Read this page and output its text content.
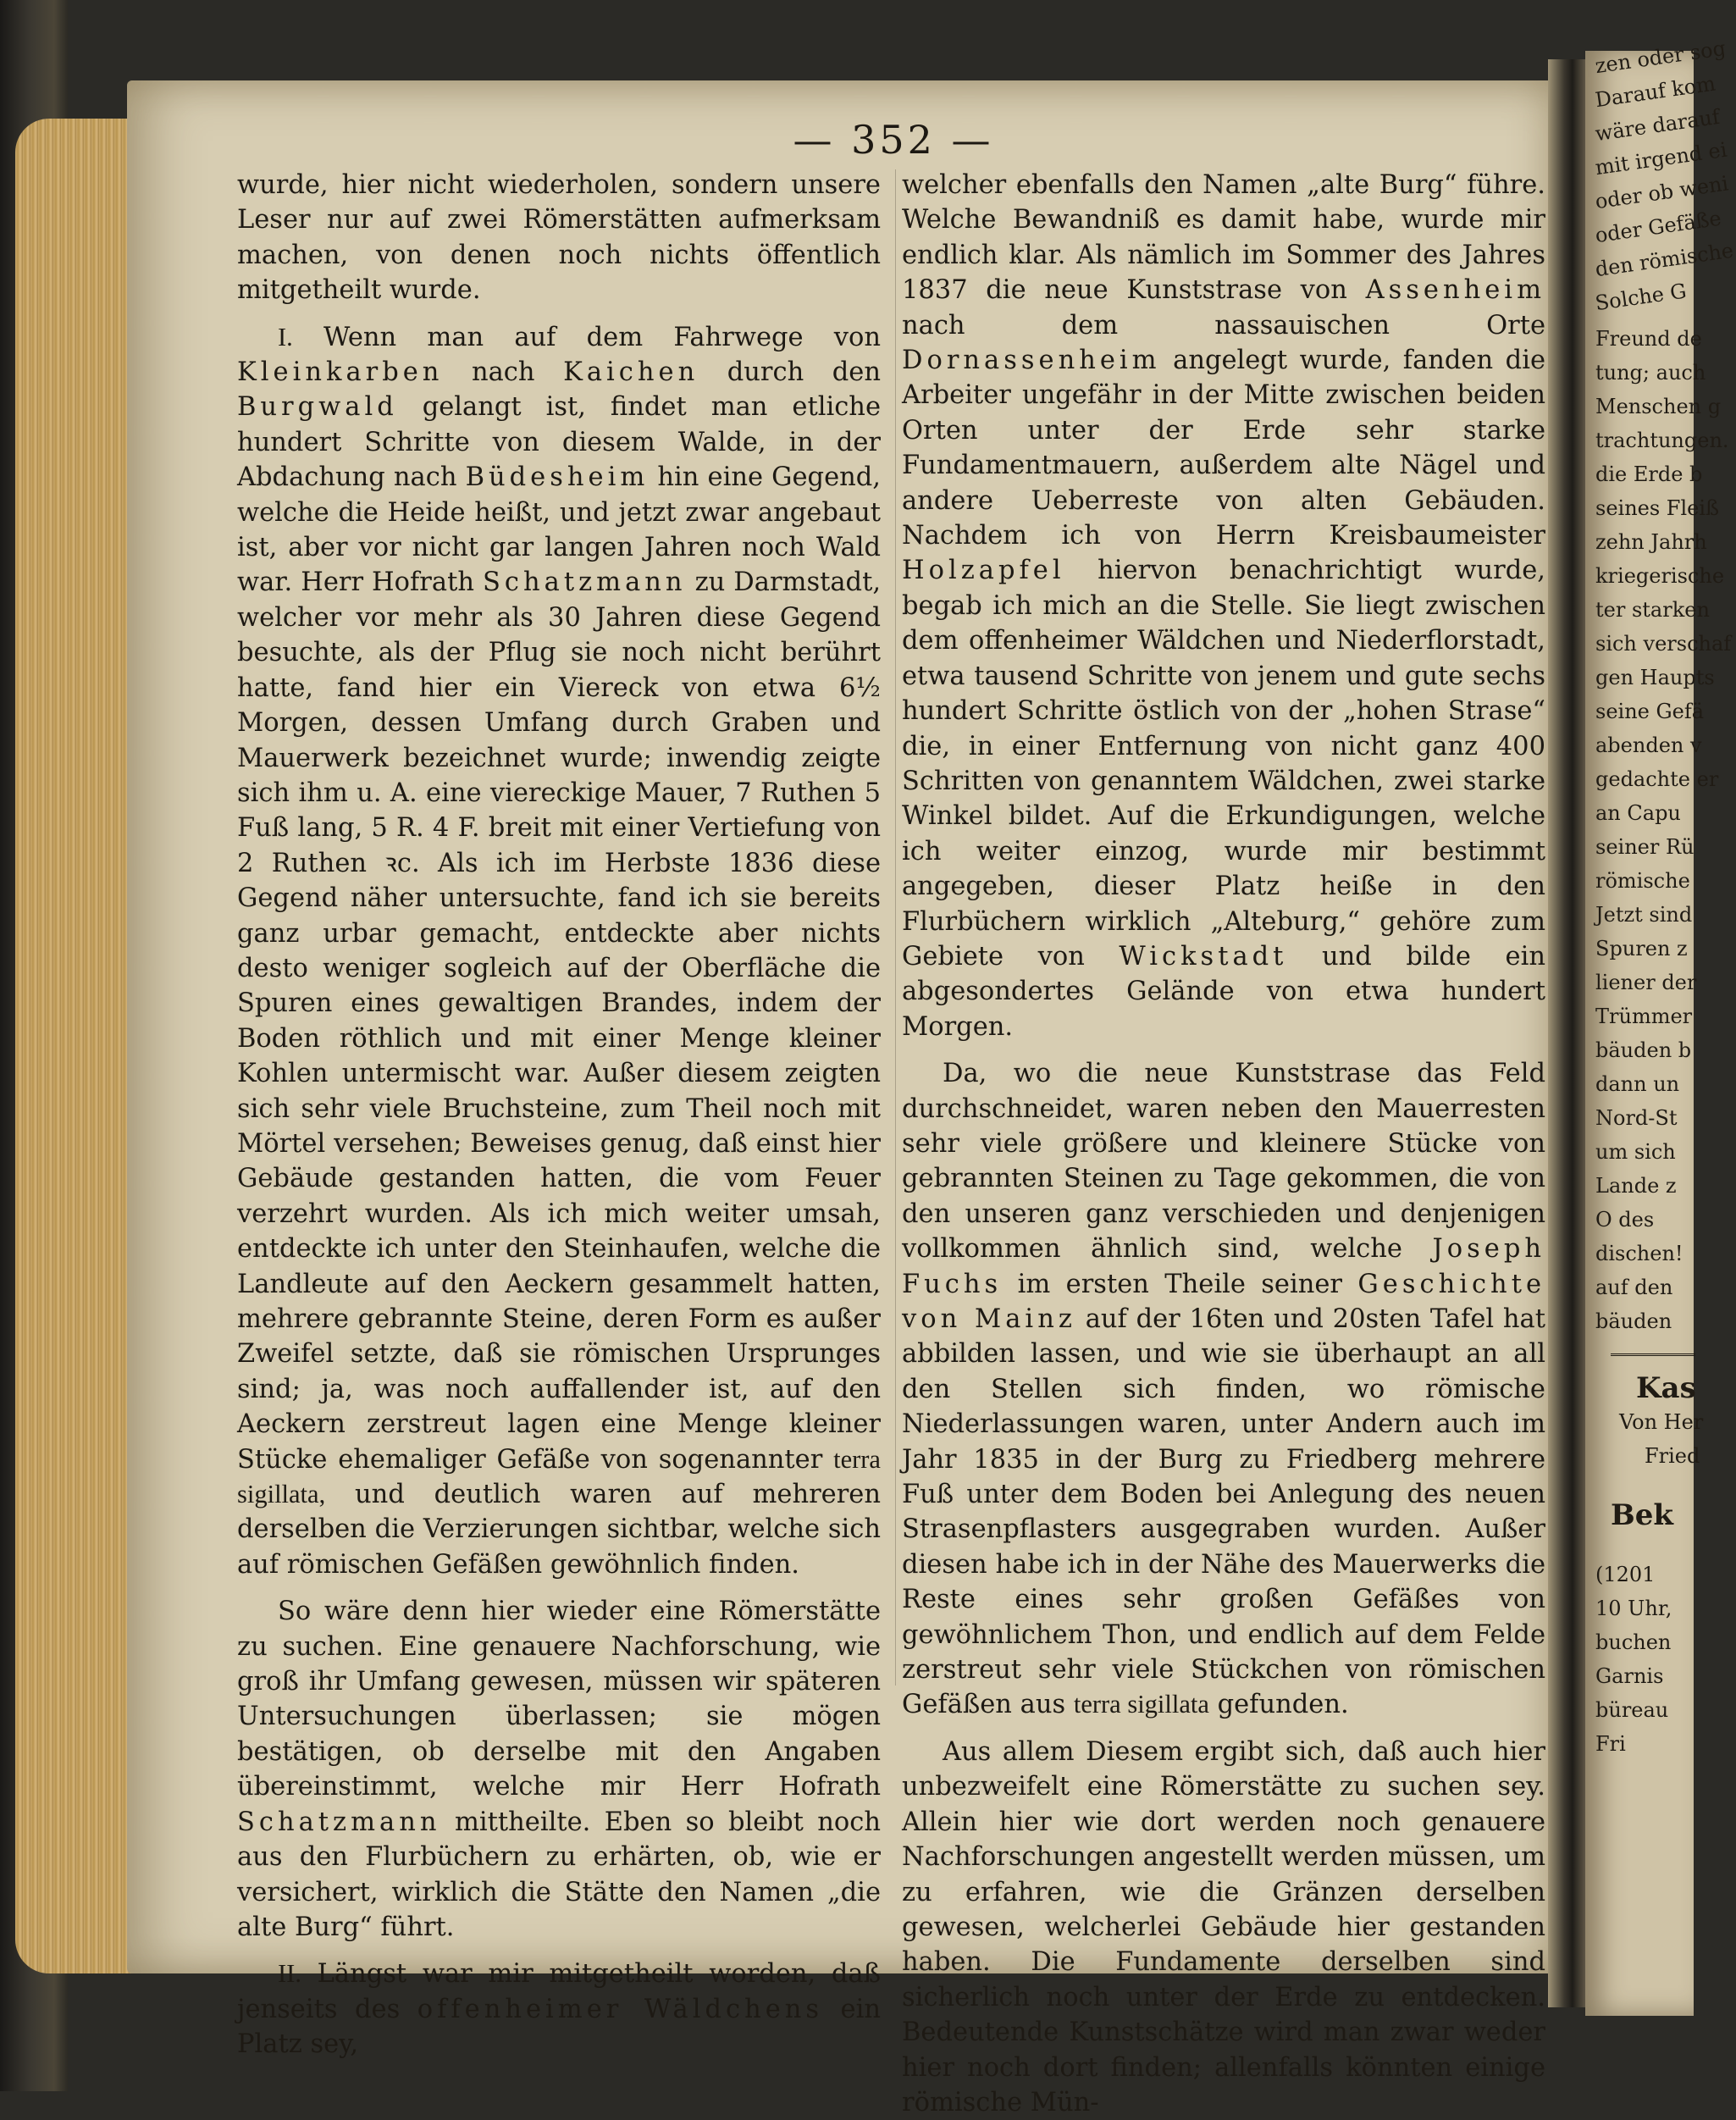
— 352 —

wurde, hier nicht wiederholen, sondern unsere Leser nur auf zwei Römerstätten aufmerksam machen, von denen noch nichts öffentlich mitgetheilt wurde.

I. Wenn man auf dem Fahrwege von Kleinkarben nach Kaichen durch den Burgwald gelangt ist, findet man etliche hundert Schritte von diesem Walde, in der Abdachung nach Büdesheim hin eine Gegend, welche die Heide heißt, und jetzt zwar angebaut ist, aber vor nicht gar langen Jahren noch Wald war. Herr Hofrath Schatzmann zu Darmstadt, welcher vor mehr als 30 Jahren diese Gegend besuchte, als der Pflug sie noch nicht berührt hatte, fand hier ein Viereck von etwa 6½ Morgen, dessen Umfang durch Graben und Mauerwerk bezeichnet wurde; inwendig zeigte sich ihm u. A. eine viereckige Mauer, 7 Ruthen 5 Fuß lang, 5 R. 4 F. breit mit einer Vertiefung von 2 Ruthen ꝛc. Als ich im Herbste 1836 diese Gegend näher untersuchte, fand ich sie bereits ganz urbar gemacht, entdeckte aber nichts desto weniger sogleich auf der Oberfläche die Spuren eines gewaltigen Brandes, indem der Boden röthlich und mit einer Menge kleiner Kohlen untermischt war. Außer diesem zeigten sich sehr viele Bruchsteine, zum Theil noch mit Mörtel versehen; Beweises genug, daß einst hier Gebäude gestanden hatten, die vom Feuer verzehrt wurden. Als ich mich weiter umsah, entdeckte ich unter den Steinhaufen, welche die Landleute auf den Aeckern gesammelt hatten, mehrere gebrannte Steine, deren Form es außer Zweifel setzte, daß sie römischen Ursprunges sind; ja, was noch auffallender ist, auf den Aeckern zerstreut lagen eine Menge kleiner Stücke ehemaliger Gefäße von sogenannter terra sigillata, und deutlich waren auf mehreren derselben die Verzierungen sichtbar, welche sich auf römischen Gefäßen gewöhnlich finden.

So wäre denn hier wieder eine Römerstätte zu suchen. Eine genauere Nachforschung, wie groß ihr Umfang gewesen, müssen wir späteren Untersuchungen überlassen; sie mögen bestätigen, ob derselbe mit den Angaben übereinstimmt, welche mir Herr Hofrath Schatzmann mittheilte. Eben so bleibt noch aus den Flurbüchern zu erhärten, ob, wie er versichert, wirklich die Stätte den Namen „die alte Burg“ führt.

II. Längst war mir mitgetheilt worden, daß jenseits des offenheimer Wäldchens ein Platz sey,

welcher ebenfalls den Namen „alte Burg“ führe. Welche Bewandniß es damit habe, wurde mir endlich klar. Als nämlich im Sommer des Jahres 1837 die neue Kunststrase von Assenheim nach dem nassauischen Orte Dornassenheim angelegt wurde, fanden die Arbeiter ungefähr in der Mitte zwischen beiden Orten unter der Erde sehr starke Fundamentmauern, außerdem alte Nägel und andere Ueberreste von alten Gebäuden. Nachdem ich von Herrn Kreisbaumeister Holzapfel hiervon benachrichtigt wurde, begab ich mich an die Stelle. Sie liegt zwischen dem offenheimer Wäldchen und Niederflorstadt, etwa tausend Schritte von jenem und gute sechs hundert Schritte östlich von der „hohen Strase“ die, in einer Entfernung von nicht ganz 400 Schritten von genanntem Wäldchen, zwei starke Winkel bildet. Auf die Erkundigungen, welche ich weiter einzog, wurde mir bestimmt angegeben, dieser Platz heiße in den Flurbüchern wirklich „Alteburg,“ gehöre zum Gebiete von Wickstadt und bilde ein abgesondertes Gelände von etwa hundert Morgen.

Da, wo die neue Kunststrase das Feld durchschneidet, waren neben den Mauerresten sehr viele größere und kleinere Stücke von gebrannten Steinen zu Tage gekommen, die von den unseren ganz verschieden und denjenigen vollkommen ähnlich sind, welche Joseph Fuchs im ersten Theile seiner Geschichte von Mainz auf der 16ten und 20sten Tafel hat abbilden lassen, und wie sie überhaupt an all den Stellen sich finden, wo römische Niederlassungen waren, unter Andern auch im Jahr 1835 in der Burg zu Friedberg mehrere Fuß unter dem Boden bei Anlegung des neuen Strasenpflasters ausgegraben wurden. Außer diesen habe ich in der Nähe des Mauerwerks die Reste eines sehr großen Gefäßes von gewöhnlichem Thon, und endlich auf dem Felde zerstreut sehr viele Stückchen von römischen Gefäßen aus terra sigillata gefunden.

Aus allem Diesem ergibt sich, daß auch hier unbezweifelt eine Römerstätte zu suchen sey. Allein hier wie dort werden noch genauere Nachforschungen angestellt werden müssen, um zu erfahren, wie die Gränzen derselben gewesen, welcherlei Gebäude hier gestanden haben. Die Fundamente derselben sind sicherlich noch unter der Erde zu entdecken. Bedeutende Kunstschätze wird man zwar weder hier noch dort finden; allenfalls könnten einige römische Mün-

zen oder sog
Darauf kom
wäre darauf
mit irgend ei
oder ob weni
oder Gefäße
den römische
Solche G
Freund de
tung; auch
Menschen g
trachtungen.
die Erde b
seines Fleiß
zehn Jahrh
kriegerische
ter starken
sich verschaf
gen Haupts
seine Gefä
abenden v
gedachte er
an Capu
seiner Rü
römische
Jetzt sind
Spuren z
liener der
Trümmer
bäuden b
dann un
Nord-St
um sich
Lande z
O des
dischen!
auf den
bäuden
Kas
Von Her
Fried
Bek
(1201
10 Uhr,
buchen
Garnis
büreau
Fri
